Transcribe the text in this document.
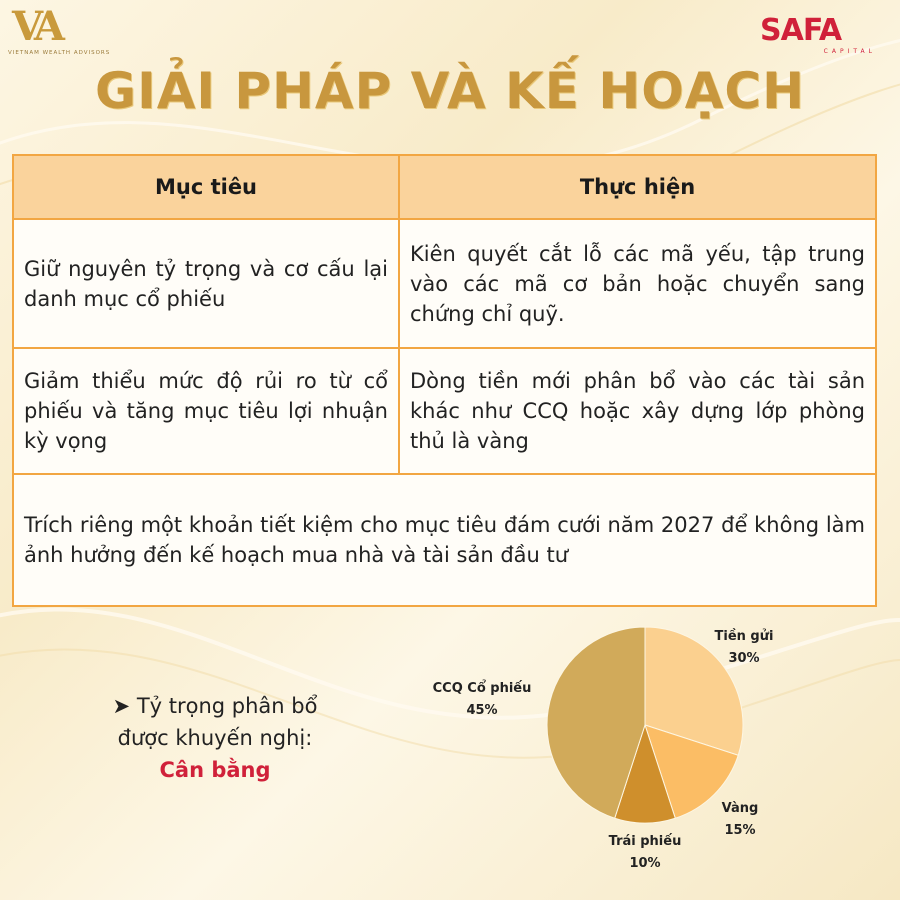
VA
VIETNAM WEALTH ADVISORS
SAFA
CAPITAL
GIẢI PHÁP VÀ KẾ HOẠCH
Mục tiêu	Thực hiện
Giữ nguyên tỷ trọng và cơ cấu lại danh mục cổ phiếu	Kiên quyết cắt lỗ các mã yếu, tập trung vào các mã cơ bản hoặc chuyển sang chứng chỉ quỹ.
Giảm thiểu mức độ rủi ro từ cổ phiếu và tăng mục tiêu lợi nhuận kỳ vọng	Dòng tiền mới phân bổ vào các tài sản khác như CCQ hoặc xây dựng lớp phòng thủ là vàng
Trích riêng một khoản tiết kiệm cho mục tiêu đám cưới năm 2027 để không làm ảnh hưởng đến kế hoạch mua nhà và tài sản đầu tư	
➤ Tỷ trọng phân bổ
được khuyến nghị:
Cân bằng
Tiền gửi
30%
Vàng
15%
Trái phiếu
10%
CCQ Cổ phiếu
45%
